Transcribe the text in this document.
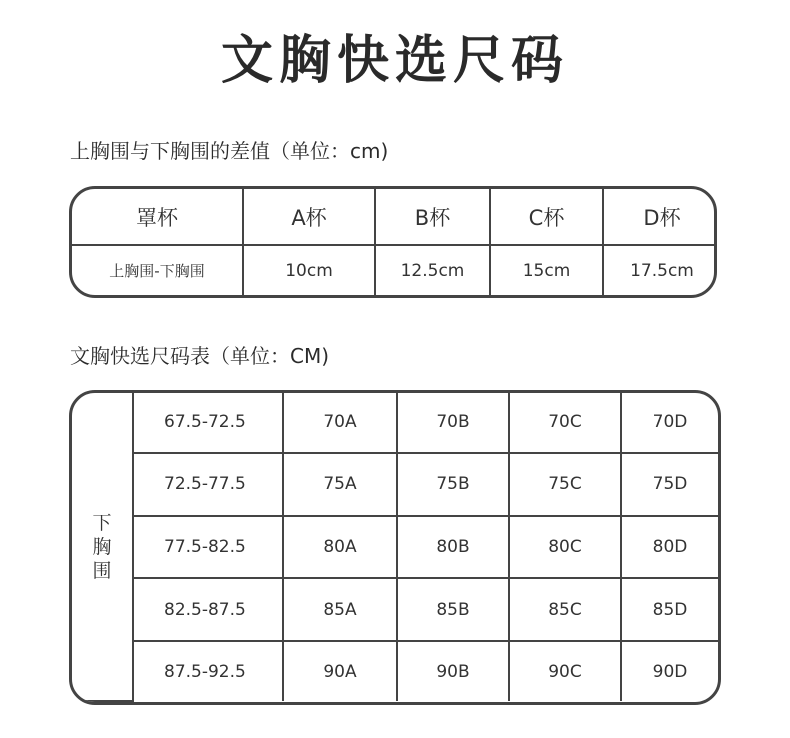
文胸快选尺码
上胸围与下胸围的差值（单位：cm)
罩杯	A杯	B杯	C杯	D杯
上胸围-下胸围	10cm	12.5cm	15cm	17.5cm
文胸快选尺码表（单位：CM)
下胸围	67.5-72.5	70A	70B	70C	70D
	72.5-77.5	75A	75B	75C	75D
	77.5-82.5	80A	80B	80C	80D
	82.5-87.5	85A	85B	85C	85D
	87.5-92.5	90A	90B	90C	90D
